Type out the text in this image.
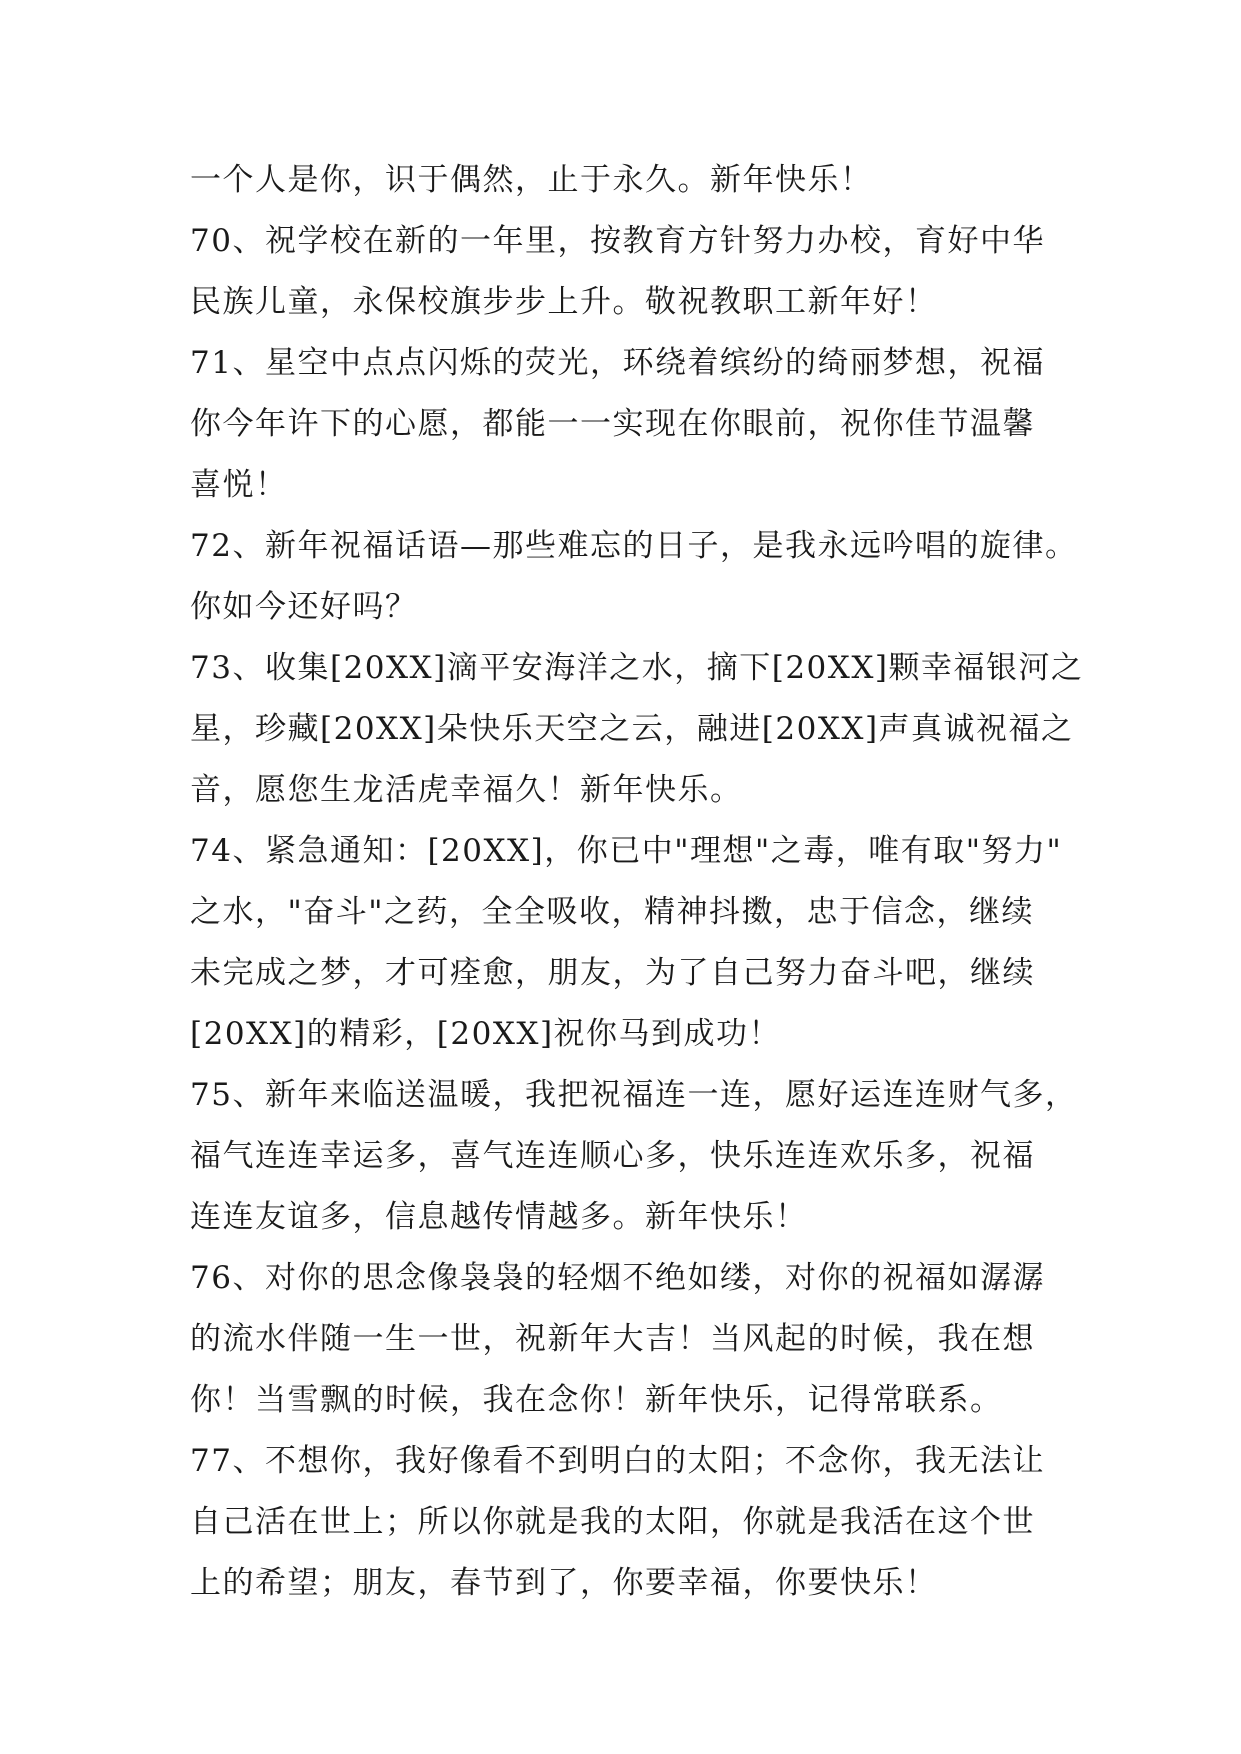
一个人是你，识于偶然，止于永久。新年快乐！
70、祝学校在新的一年里，按教育方针努力办校，育好中华
民族儿童，永保校旗步步上升。敬祝教职工新年好！
71、星空中点点闪烁的荧光，环绕着缤纷的绮丽梦想，祝福
你今年许下的心愿，都能一一实现在你眼前，祝你佳节温馨
喜悦！
72、新年祝福话语—那些难忘的日子，是我永远吟唱的旋律。
你如今还好吗？
73、收集[20XX]滴平安海洋之水，摘下[20XX]颗幸福银河之
星，珍藏[20XX]朵快乐天空之云，融进[20XX]声真诚祝福之
音，愿您生龙活虎幸福久！新年快乐。
74、紧急通知：[20XX]，你已中"理想"之毒，唯有取"努力"
之水，"奋斗"之药，全全吸收，精神抖擞，忠于信念，继续
未完成之梦，才可痊愈，朋友，为了自己努力奋斗吧，继续
[20XX]的精彩，[20XX]祝你马到成功！
75、新年来临送温暖，我把祝福连一连，愿好运连连财气多，
福气连连幸运多，喜气连连顺心多，快乐连连欢乐多，祝福
连连友谊多，信息越传情越多。新年快乐！
76、对你的思念像袅袅的轻烟不绝如缕，对你的祝福如潺潺
的流水伴随一生一世，祝新年大吉！当风起的时候，我在想
你！当雪飘的时候，我在念你！新年快乐，记得常联系。
77、不想你，我好像看不到明白的太阳；不念你，我无法让
自己活在世上；所以你就是我的太阳，你就是我活在这个世
上的希望；朋友，春节到了，你要幸福，你要快乐！
